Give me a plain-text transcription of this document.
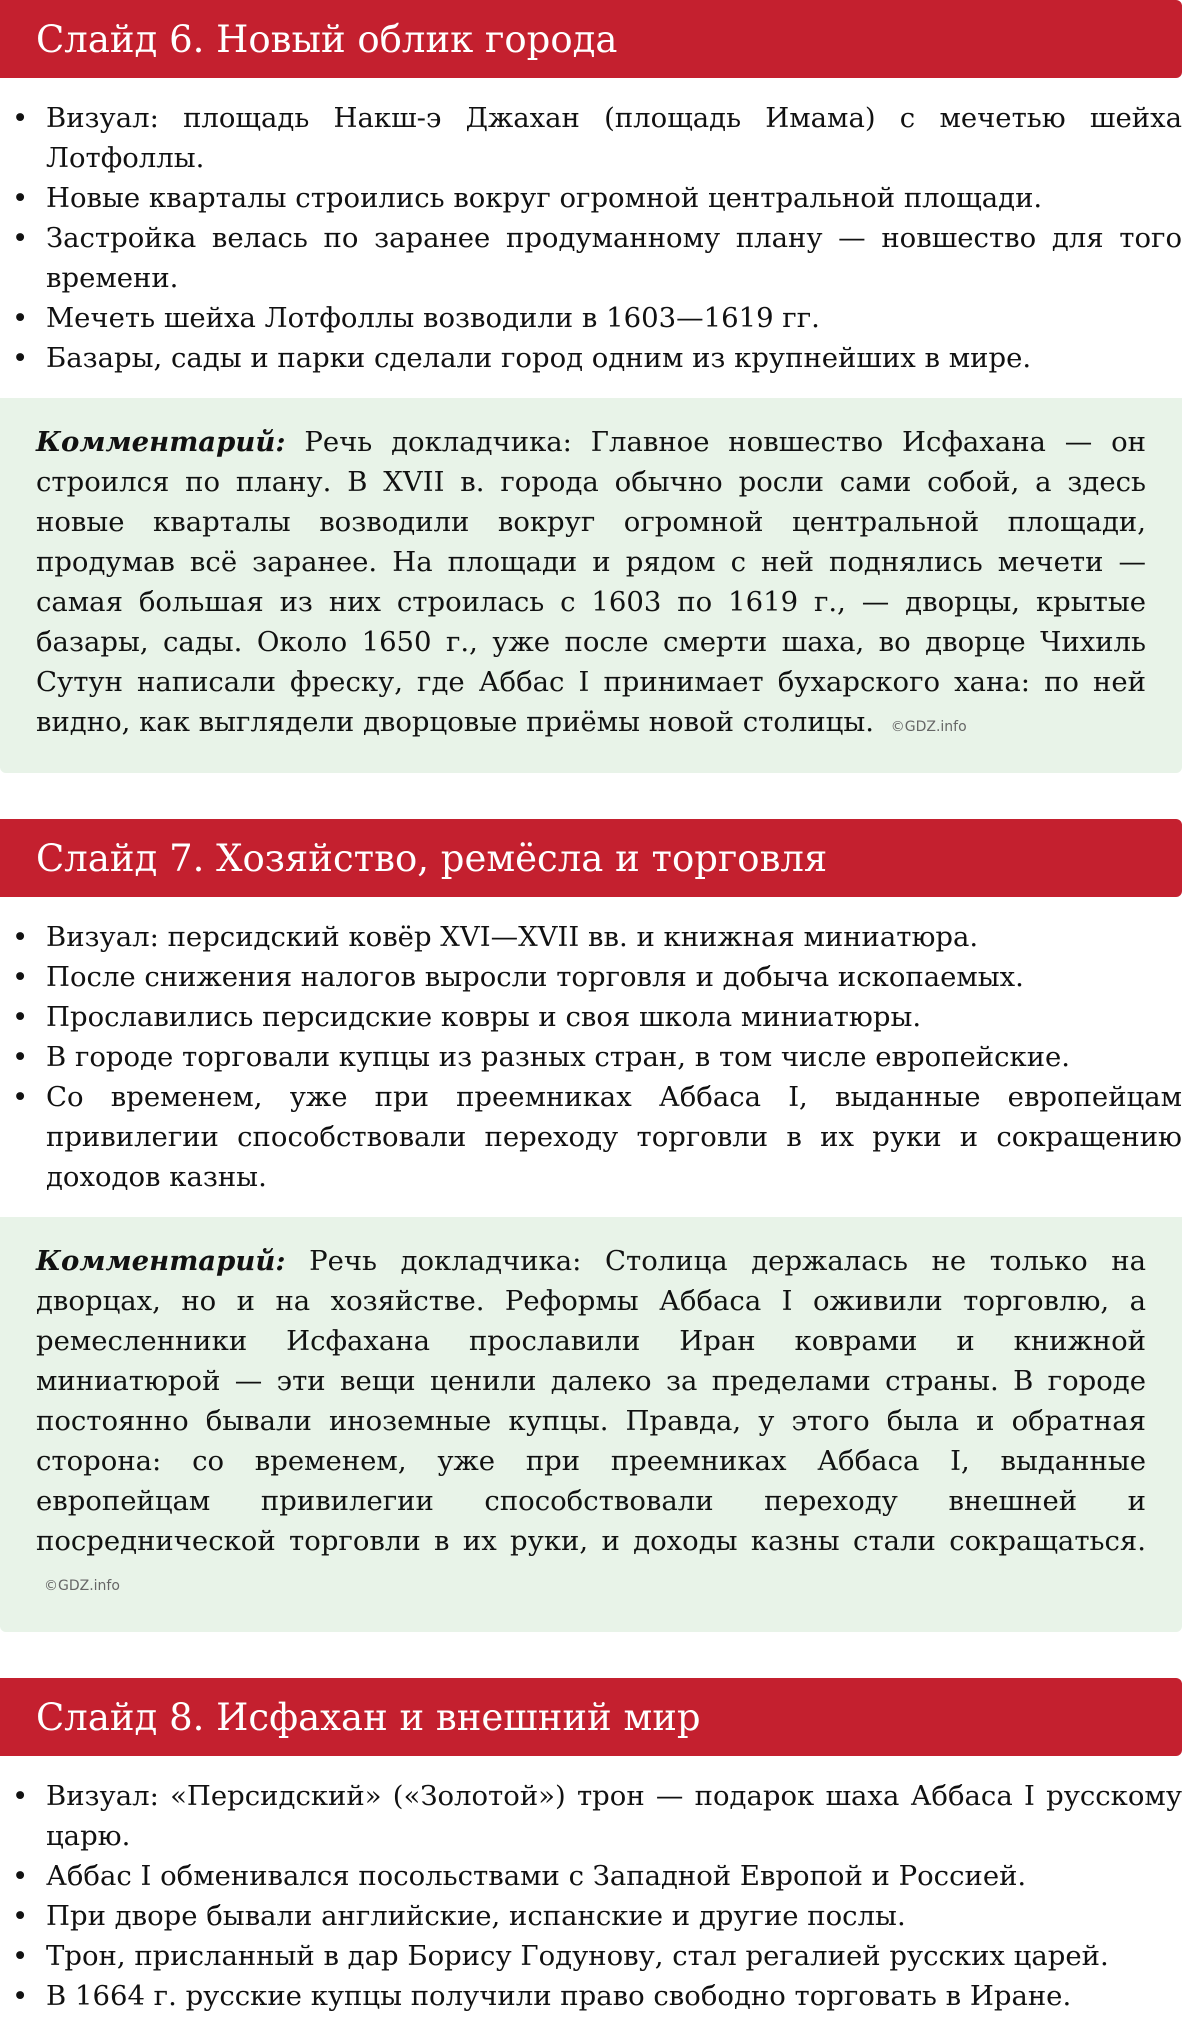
Слайд 6. Новый облик города
• Визуал: площадь Накш-э Джахан (площадь Имама) с мечетью шейха Лотфоллы.
• Новые кварталы строились вокруг огромной центральной площади.
• Застройка велась по заранее продуманному плану — новшество для того времени.
• Мечеть шейха Лотфоллы возводили в 1603—1619 гг.
• Базары, сады и парки сделали город одним из крупнейших в мире.
Комментарий: Речь докладчика: Главное новшество Исфахана — он строился по плану. В XVII в. города обычно росли сами собой, а здесь новые кварталы возводили вокруг огромной центральной площади, продумав всё заранее. На площади и рядом с ней поднялись мечети — самая большая из них строилась с 1603 по 1619 г., — дворцы, крытые базары, сады. Около 1650 г., уже после смерти шаха, во дворце Чихиль Сутун написали фреску, где Аббас I принимает бухарского хана: по ней видно, как выглядели дворцовые приёмы новой столицы. ©GDZ.info
Слайд 7. Хозяйство, ремёсла и торговля
• Визуал: персидский ковёр XVI—XVII вв. и книжная миниатюра.
• После снижения налогов выросли торговля и добыча ископаемых.
• Прославились персидские ковры и своя школа миниатюры.
• В городе торговали купцы из разных стран, в том числе европейские.
• Со временем, уже при преемниках Аббаса I, выданные европейцам привилегии способствовали переходу торговли в их руки и сокращению доходов казны.
Комментарий: Речь докладчика: Столица держалась не только на дворцах, но и на хозяйстве. Реформы Аббаса I оживили торговлю, а ремесленники Исфахана прославили Иран коврами и книжной миниатюрой — эти вещи ценили далеко за пределами страны. В городе постоянно бывали иноземные купцы. Правда, у этого была и обратная сторона: со временем, уже при преемниках Аббаса I, выданные европейцам привилегии способствовали переходу внешней и посреднической торговли в их руки, и доходы казны стали сокращаться. ©GDZ.info
Слайд 8. Исфахан и внешний мир
• Визуал: «Персидский» («Золотой») трон — подарок шаха Аббаса I русскому царю.
• Аббас I обменивался посольствами с Западной Европой и Россией.
• При дворе бывали английские, испанские и другие послы.
• Трон, присланный в дар Борису Годунову, стал регалией русских царей.
• В 1664 г. русские купцы получили право свободно торговать в Иране.
